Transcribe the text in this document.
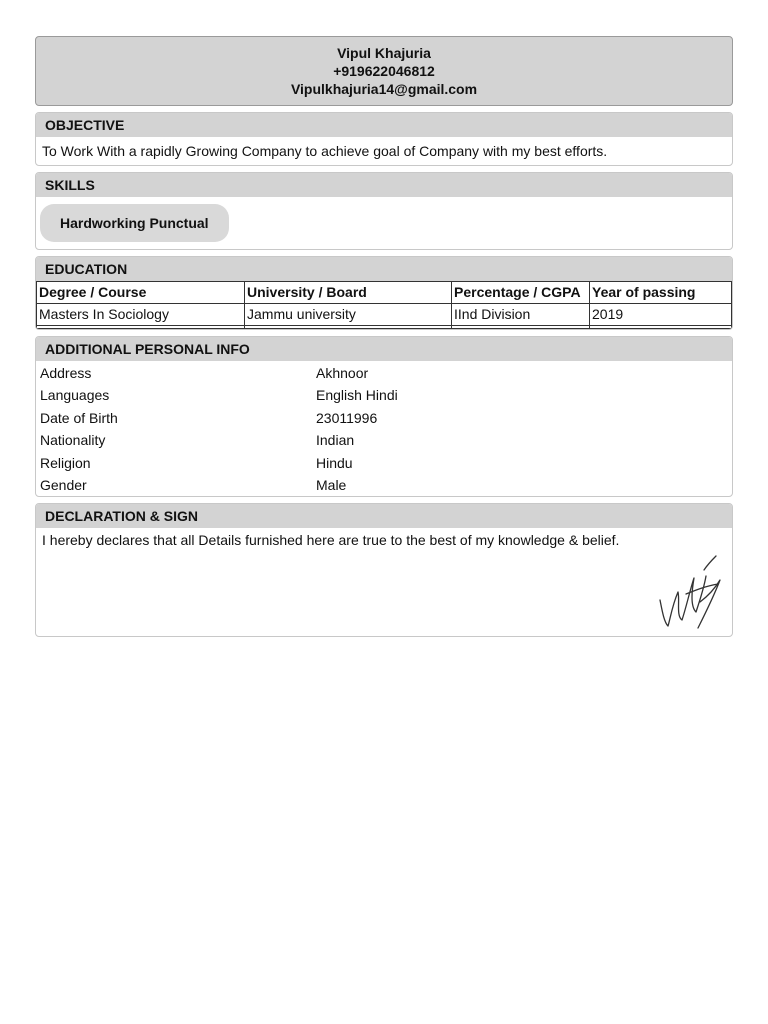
Vipul Khajuria
+919622046812
Vipulkhajuria14@gmail.com
OBJECTIVE
To Work With a rapidly Growing Company to achieve goal of Company with my best efforts.
SKILLS
Hardworking Punctual
EDUCATION
Degree / Course	University / Board	Percentage / CGPA	Year of passing
Masters In Sociology	Jammu university	IInd Division	2019

ADDITIONAL PERSONAL INFO
Address	Akhnoor
Languages	English Hindi
Date of Birth	23011996
Nationality	Indian
Religion	Hindu
Gender	Male
DECLARATION & SIGN
I hereby declares that all Details furnished here are true to the best of my knowledge & belief.
